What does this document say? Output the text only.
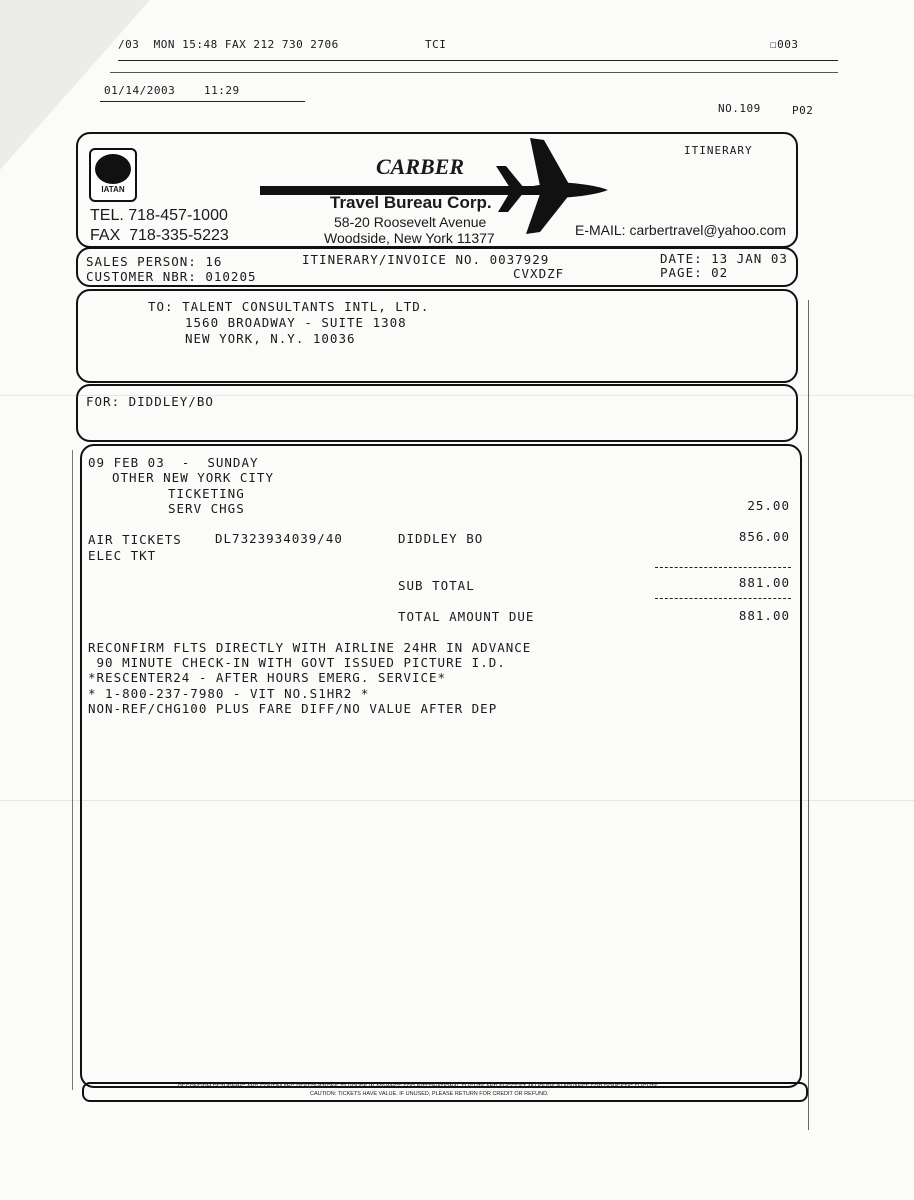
/03  MON 15:48 FAX 212 730 2706	TCI	☐003
01/14/2003	11:29
NO.109	P02
IATAN
CARBER
Travel Bureau Corp.
58-20 Roosevelt Avenue
Woodside, New York 11377
TEL. 718-457-1000
FAX  718-335-5223	E-MAIL: carbertravel@yahoo.com
ITINERARY
SALES PERSON: 16
CUSTOMER NBR: 010205
ITINERARY/INVOICE NO. 0037929
CVXDZF
DATE: 13 JAN 03
PAGE: 02
TO: TALENT CONSULTANTS INTL, LTD.
1560 BROADWAY - SUITE 1308
NEW YORK, N.Y. 10036
FOR: DIDDLEY/BO
09 FEB 03  -  SUNDAY
OTHER NEW YORK CITY
TICKETING
SERV CHGS	25.00
AIR TICKETS	DL7323934039/40	DIDDLEY BO	856.00
ELEC TKT
SUB TOTAL	881.00
TOTAL AMOUNT DUE	881.00
RECONFIRM FLTS DIRECTLY WITH AIRLINE 24HR IN ADVANCE
90 MINUTE CHECK-IN WITH GOVT ISSUED PICTURE I.D.
*RESCENTER24 - AFTER HOURS EMERG. SERVICE*
* 1-800-237-7980 - VIT NO.S1HR2 *
NON-REF/CHG100 PLUS FARE DIFF/NO VALUE AFTER DEP
RECONFIRM RETURNING AND CONTINUING RESERVATIONS 72 HOURS IN ADVANCE FOR INTERNATIONAL FLIGHTS AND SUGGEST 48 HOURS IN ADVANCE FOR DOMESTIC FLIGHTS.
CAUTION: TICKETS HAVE VALUE. IF UNUSED, PLEASE RETURN FOR CREDIT OR REFUND.
